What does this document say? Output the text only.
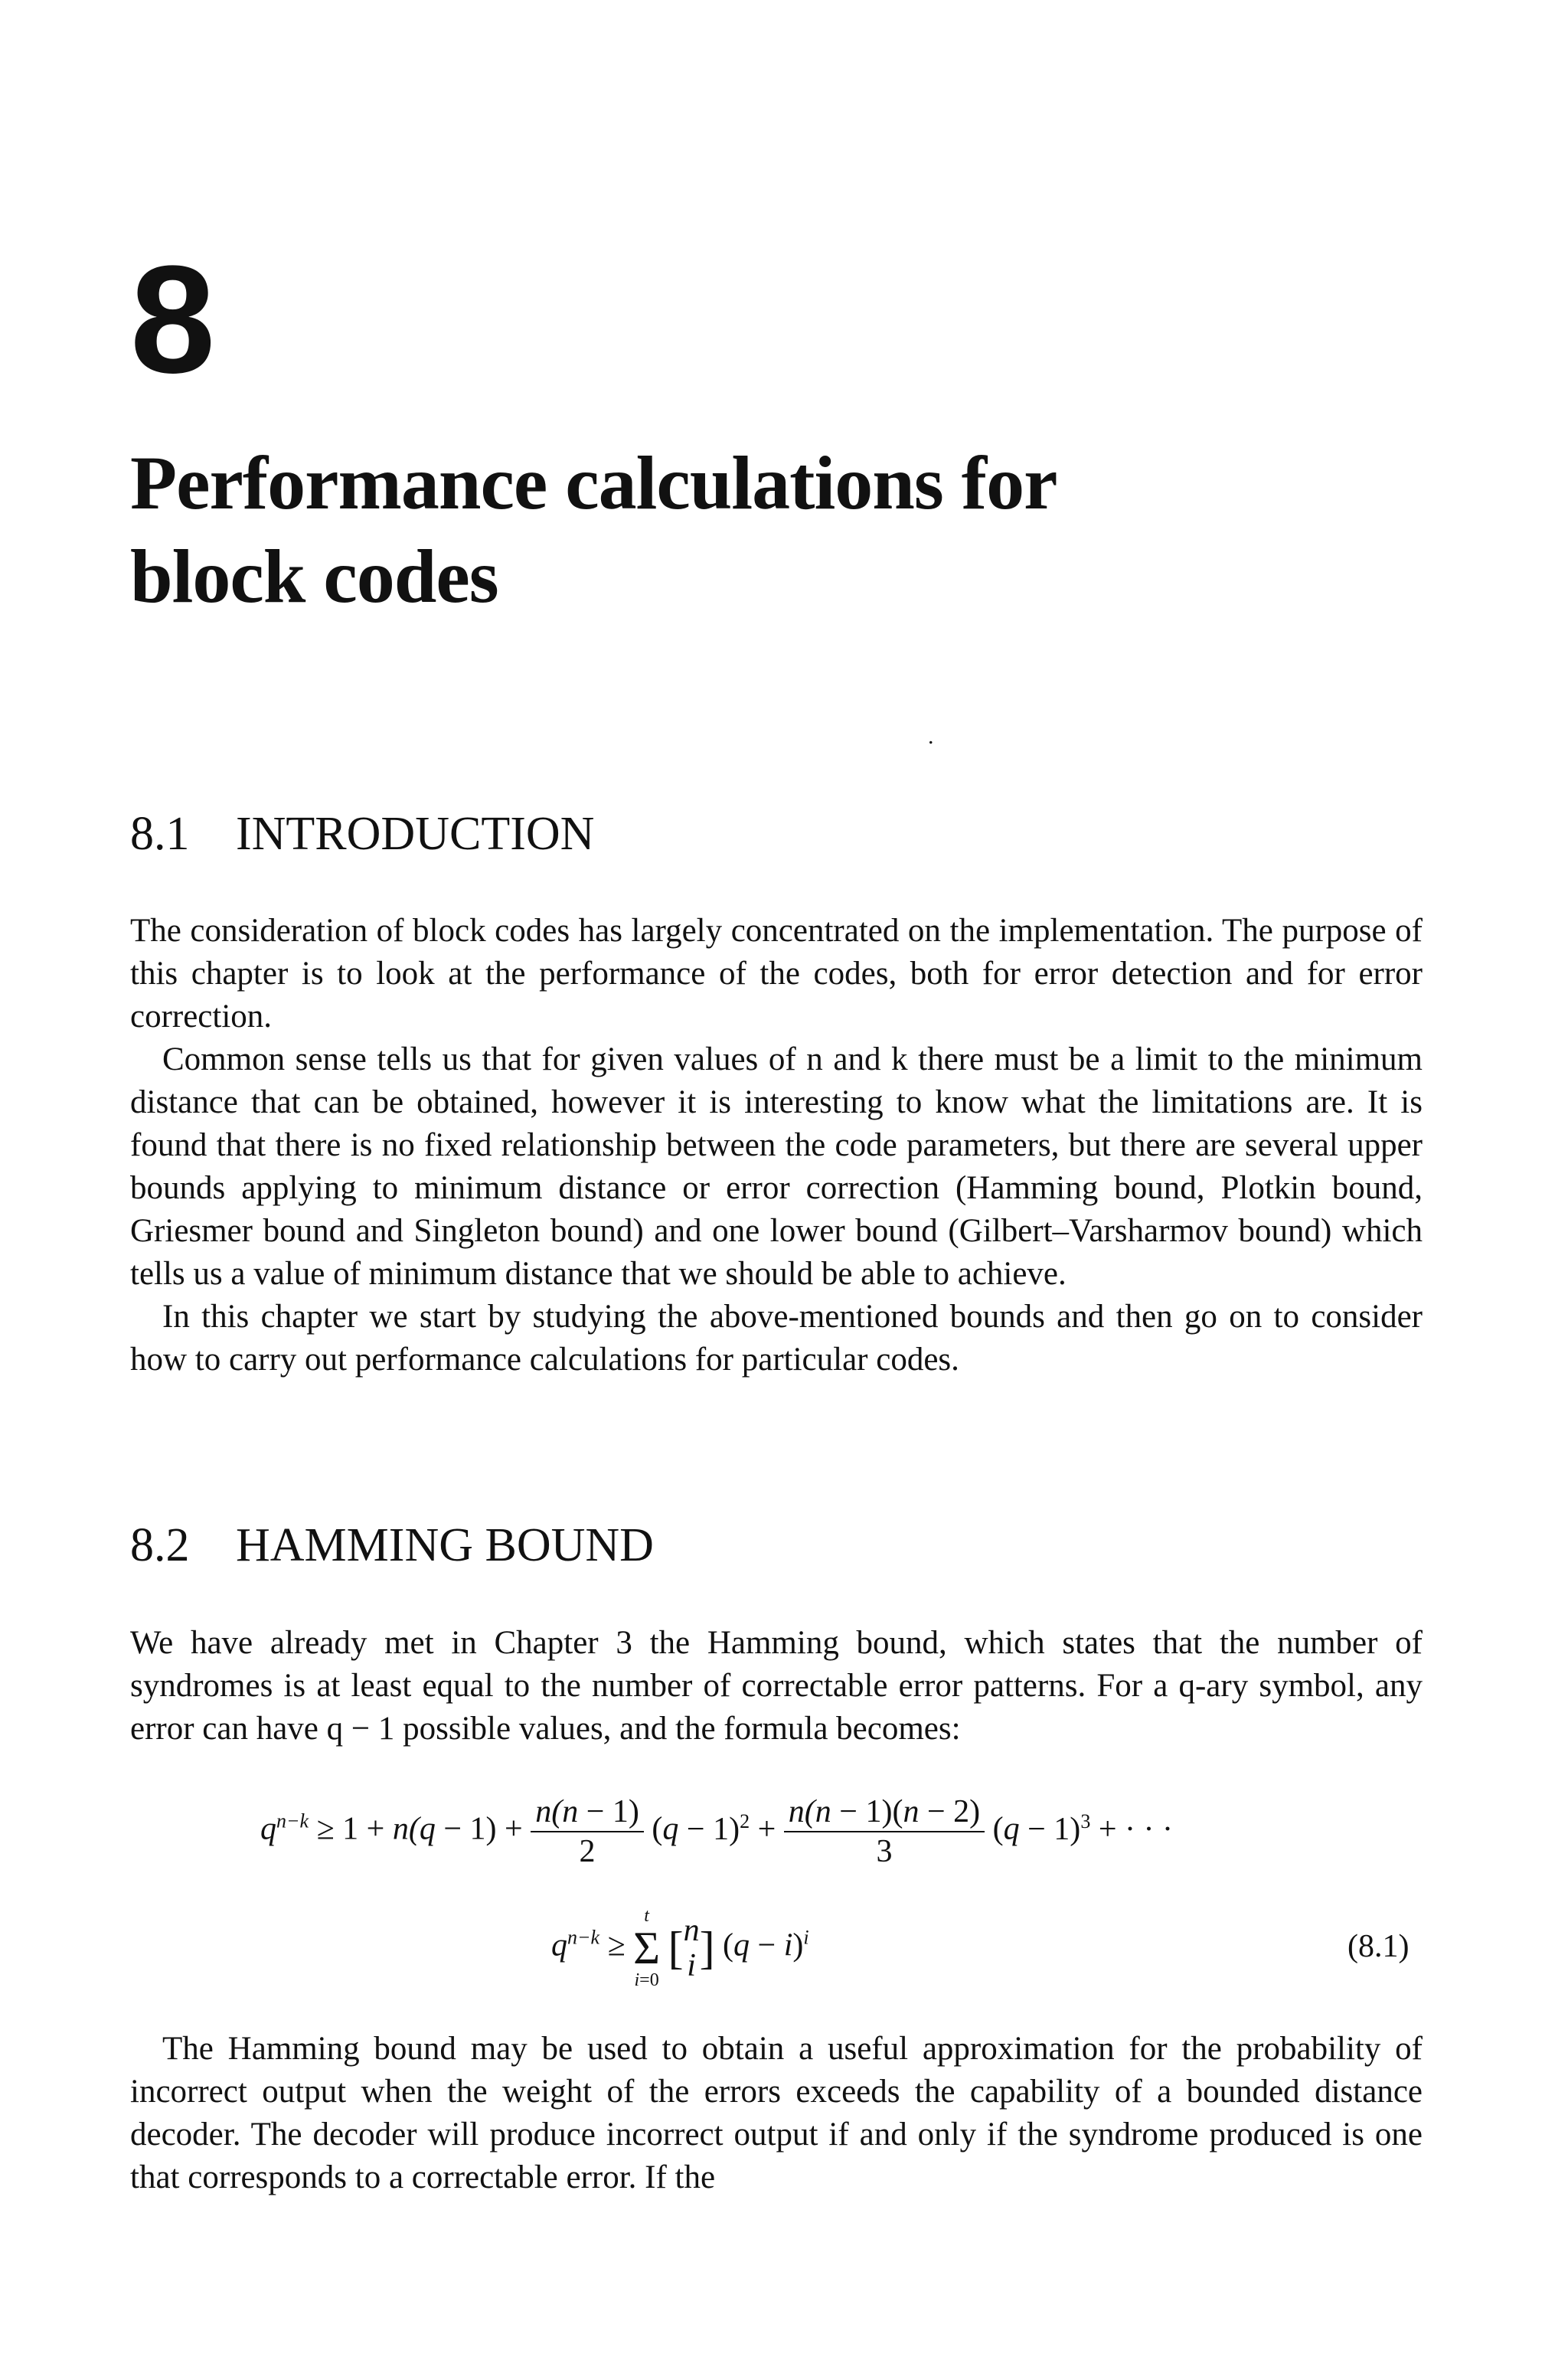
8
Performance calculations for
block codes
.
8.1 INTRODUCTION

The consideration of block codes has largely concentrated on the implementation. The purpose of this chapter is to look at the performance of the codes, both for error detection and for error correction.

Common sense tells us that for given values of n and k there must be a limit to the minimum distance that can be obtained, however it is interesting to know what the limitations are. It is found that there is no fixed relationship between the code parameters, but there are several upper bounds applying to minimum distance or error correction (Hamming bound, Plotkin bound, Griesmer bound and Singleton bound) and one lower bound (Gilbert–Varsharmov bound) which tells us a value of minimum distance that we should be able to achieve.

In this chapter we start by studying the above-mentioned bounds and then go on to consider how to carry out performance calculations for particular codes.

8.2 HAMMING BOUND

We have already met in Chapter 3 the Hamming bound, which states that the number of syndromes is at least equal to the number of correctable error patterns. For a q-ary symbol, any error can have q − 1 possible values, and the formula becomes:

$q^{n-k} \ge 1 + n(q - 1) + \frac{n(n - 1)}{2} (q - 1)^2 + \frac{n(n - 1)(n - 2)}{3} (q - 1)^3$ + · · ·
$q^{n-k}$ ≥
t
Σ
i=0
[ n
i ] $(q - i)^i$	(8.1)

The Hamming bound may be used to obtain a useful approximation for the probability of incorrect output when the weight of the errors exceeds the capability of a bounded distance decoder. The decoder will produce incorrect output if and only if the syndrome produced is one that corresponds to a correctable error. If the
